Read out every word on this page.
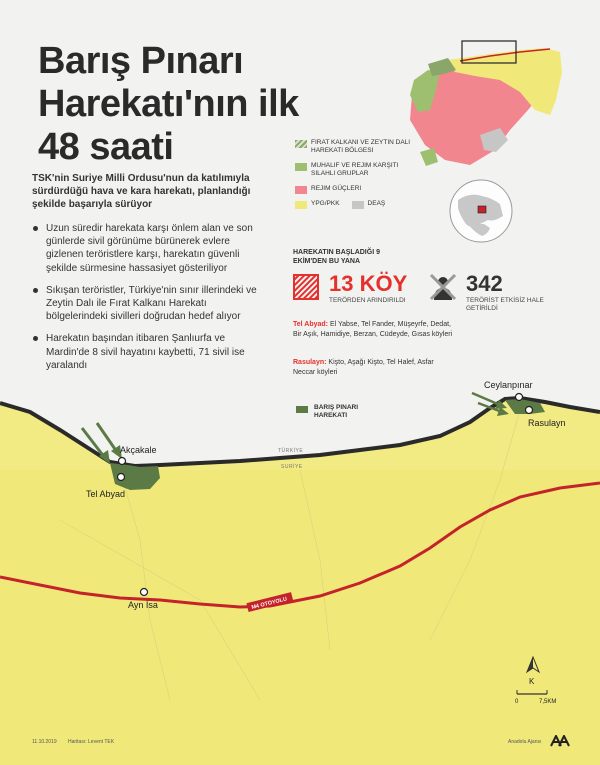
Akçakale
Tel Abyad
Ceylanpınar
Rasulayn
Ayn İsa
TÜRKİYE
SURİYE
M4 OTOYOLU
K
0	7,5KM
Barış Pınarı
Harekatı'nın ilk
48 saati
TSK'nin Suriye Milli Ordusu'nun da katılımıyla sürdürdüğü hava ve kara harekatı, planlandığı şekilde başarıyla sürüyor
Uzun süredir harekata karşı önlem alan ve son günlerde sivil görünüme bürünerek evlere gizlenen teröristlere karşı, harekatın güvenli şekilde sürmesine hassasiyet gösteriliyor
Sıkışan teröristler, Türkiye'nin sınır illerindeki ve Zeytin Dalı ile Fırat Kalkanı Harekatı bölgelerindeki sivilleri doğrudan hedef alıyor
Harekatın başından itibaren Şanlıurfa ve Mardin'de 8 sivil hayatını kaybetti, 71 sivil ise yaralandı
FIRAT KALKANI VE ZEYTIN DALI HAREKATI BÖLGESI
MUHALIF VE REJIM KARŞITI SILAHLI GRUPLAR
REJIM GÜÇLERI
YPG/PKK	DEAŞ
HAREKATIN BAŞLADIĞI 9 EKİM'DEN BU YANA
13 KÖY
TERÖRDEN ARINDIRILDI
342
TERÖRİST ETKİSİZ HALE GETİRİLDİ
Tel Abyad: El Yabse, Tel Fander, Müşeyrfe, Dedat, Bir Aşık, Hamidiye, Berzan, Cüdeyde, Gısas köyleri
Rasulayn: Kişto, Aşağı Kişto, Tel Halef, Asfar Neccar köyleri
BARIŞ PINARI HAREKATI
11.10.2019 Haritası: Levent TEK	Anadolu Ajansı
